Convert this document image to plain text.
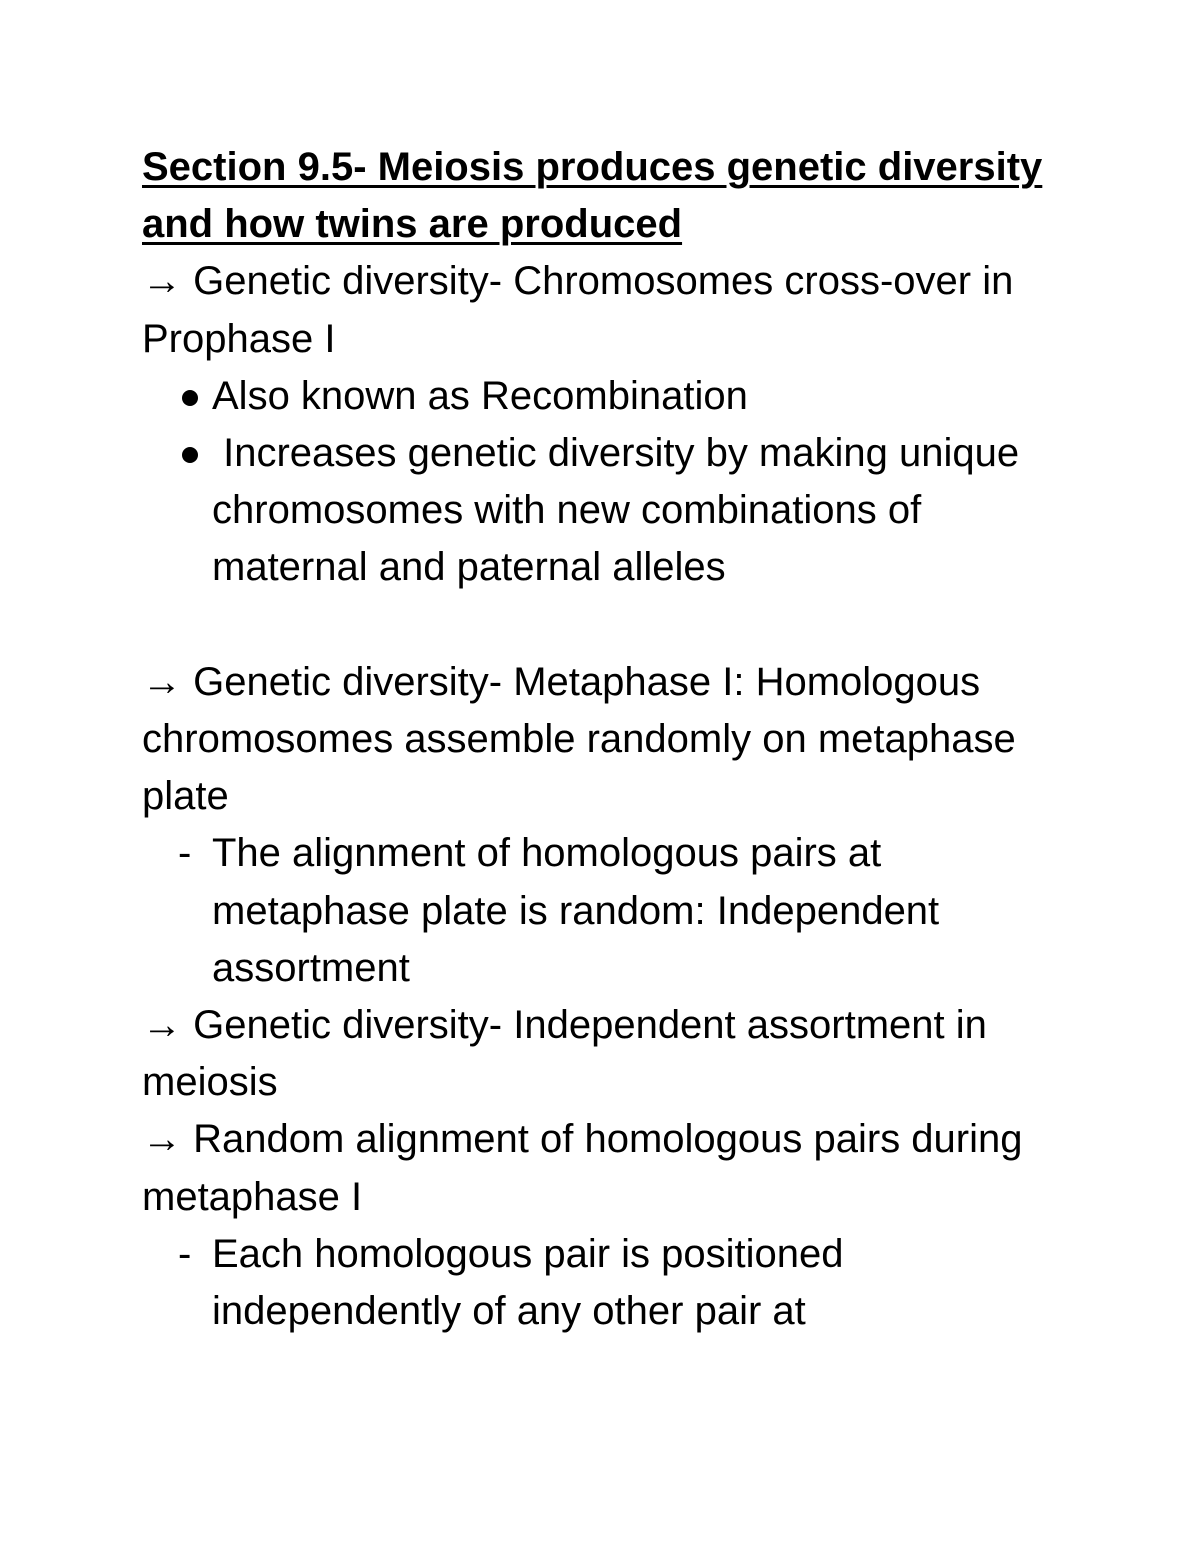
Section 9.5- Meiosis produces genetic diversity and how twins are produced

→ Genetic diversity- Chromosomes cross-over in Prophase I

Also known as Recombination
Increases genetic diversity by making unique chromosomes with new combinations of maternal and paternal alleles

→ Genetic diversity- Metaphase I: Homologous chromosomes assemble randomly on metaphase plate

- The alignment of homologous pairs at metaphase plate is random: Independent assortment

→ Genetic diversity- Independent assortment in meiosis

→ Random alignment of homologous pairs during metaphase I

- Each homologous pair is positioned independently of any other pair at
